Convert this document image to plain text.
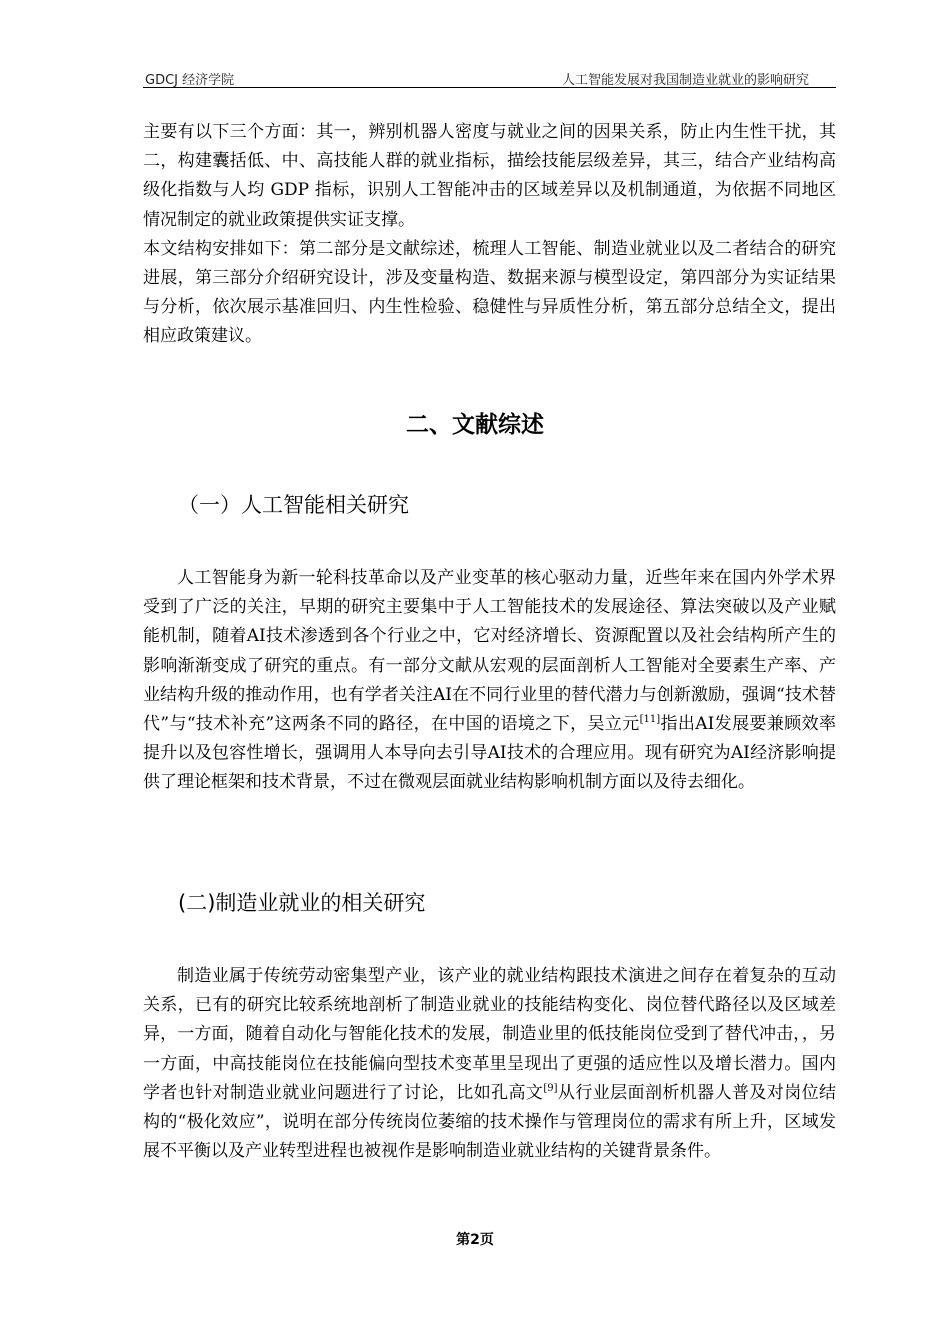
GDCJ 经济学院	人工智能发展对我国制造业就业的影响研究

主要有以下三个方面：其一，辨别机器人密度与就业之间的因果关系，防止内生性干扰，其二，构建囊括低、中、高技能人群的就业指标，描绘技能层级差异，其三，结合产业结构高级化指数与人均 GDP 指标，识别人工智能冲击的区域差异以及机制通道，为依据不同地区情况制定的就业政策提供实证支撑。

本文结构安排如下：第二部分是文献综述，梳理人工智能、制造业就业以及二者结合的研究进展，第三部分介绍研究设计，涉及变量构造、数据来源与模型设定，第四部分为实证结果与分析，依次展示基准回归、内生性检验、稳健性与异质性分析，第五部分总结全文，提出相应政策建议。

二、文献综述
（一）人工智能相关研究

人工智能身为新一轮科技革命以及产业变革的核心驱动力量，近些年来在国内外学术界受到了广泛的关注，早期的研究主要集中于人工智能技术的发展途径、算法突破以及产业赋能机制，随着AI技术渗透到各个行业之中，它对经济增长、资源配置以及社会结构所产生的影响渐渐变成了研究的重点。有一部分文献从宏观的层面剖析人工智能对全要素生产率、产业结构升级的推动作用，也有学者关注AI在不同行业里的替代潜力与创新激励，强调“技术替代”与“技术补充”这两条不同的路径，在中国的语境之下，吴立元[11]指出AI发展要兼顾效率提升以及包容性增长，强调用人本导向去引导AI技术的合理应用。现有研究为AI经济影响提供了理论框架和技术背景，不过在微观层面就业结构影响机制方面以及待去细化。

(二)制造业就业的相关研究

制造业属于传统劳动密集型产业，该产业的就业结构跟技术演进之间存在着复杂的互动关系，已有的研究比较系统地剖析了制造业就业的技能结构变化、岗位替代路径以及区域差异，一方面，随着自动化与智能化技术的发展，制造业里的低技能岗位受到了替代冲击，，另一方面，中高技能岗位在技能偏向型技术变革里呈现出了更强的适应性以及增长潜力。国内学者也针对制造业就业问题进行了讨论，比如孔高文[9]从行业层面剖析机器人普及对岗位结构的“极化效应”，说明在部分传统岗位萎缩的技术操作与管理岗位的需求有所上升，区域发展不平衡以及产业转型进程也被视作是影响制造业就业结构的关键背景条件。

第2页
